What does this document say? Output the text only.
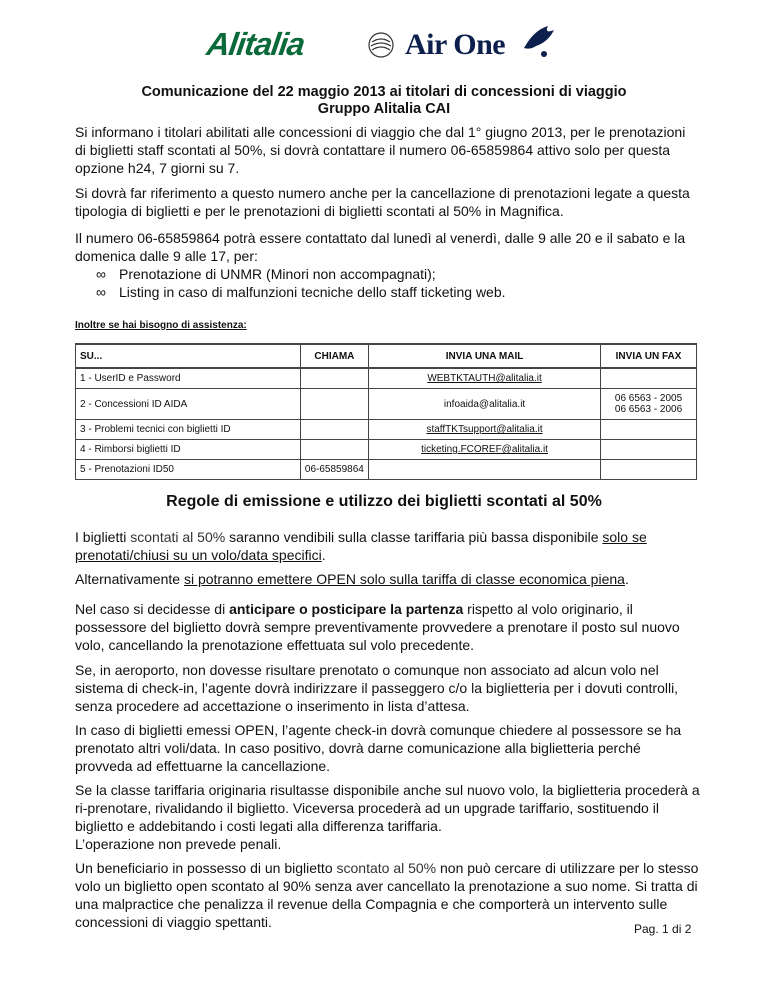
Alitalia	Air One
Comunicazione del 22 maggio 2013 ai titolari di concessioni di viaggio
Gruppo Alitalia CAI

Si informano i titolari abilitati alle concessioni di viaggio che dal 1° giugno 2013, per le prenotazioni di biglietti staff scontati al 50%, si dovrà contattare il numero 06-65859864 attivo solo per questa opzione h24, 7 giorni su 7.

Si dovrà far riferimento a questo numero anche per la cancellazione di prenotazioni legate a questa tipologia di biglietti e per le prenotazioni di biglietti scontati al 50% in Magnifica.

Il numero 06-65859864 potrà essere contattato dal lunedì al venerdì, dalle 9 alle 20 e il sabato e la domenica dalle 9 alle 17, per:

∞ Prenotazione di UNMR (Minori non accompagnati);
∞ Listing in caso di malfunzioni tecniche dello staff ticketing web.
Inoltre se hai bisogno di assistenza:
SU...	CHIAMA	INVIA UNA MAIL	INVIA UN FAX
1 - UserID e Password		WEBTKTAUTH@alitalia.it	
2 - Concessioni ID AIDA		infoaida@alitalia.it	06 6563 - 2005
06 6563 - 2006

3 - Problemi tecnici con biglietti ID		staffTKTsupport@alitalia.it	
4 - Rimborsi biglietti ID		ticketing.FCOREF@alitalia.it	
5 - Prenotazioni ID50	06-65859864		
Regole di emissione e utilizzo dei biglietti scontati al 50%

I biglietti scontati al 50% saranno vendibili sulla classe tariffaria più bassa disponibile solo se prenotati/chiusi su un volo/data specifici.

Alternativamente si potranno emettere OPEN solo sulla tariffa di classe economica piena.

Nel caso si decidesse di anticipare o posticipare la partenza rispetto al volo originario, il possessore del biglietto dovrà sempre preventivamente provvedere a prenotare il posto sul nuovo volo, cancellando la prenotazione effettuata sul volo precedente.

Se, in aeroporto, non dovesse risultare prenotato o comunque non associato ad alcun volo nel sistema di check-in, l’agente dovrà indirizzare il passeggero c/o la biglietteria per i dovuti controlli, senza procedere ad accettazione o inserimento in lista d’attesa.

In caso di biglietti emessi OPEN, l’agente check-in dovrà comunque chiedere al possessore se ha prenotato altri voli/data. In caso positivo, dovrà darne comunicazione alla biglietteria perché provveda ad effettuarne la cancellazione.

Se la classe tariffaria originaria risultasse disponibile anche sul nuovo volo, la biglietteria procederà a ri-prenotare, rivalidando il biglietto. Viceversa procederà ad un upgrade tariffario, sostituendo il biglietto e addebitando i costi legati alla differenza tariffaria.
L’operazione non prevede penali.

Un beneficiario in possesso di un biglietto scontato al 50% non può cercare di utilizzare per lo stesso volo un biglietto open scontato al 90% senza aver cancellato la prenotazione a suo nome. Si tratta di una malpractice che penalizza il revenue della Compagnia e che comporterà un intervento sulle concessioni di viaggio spettanti.	Pag. 1 di 2
